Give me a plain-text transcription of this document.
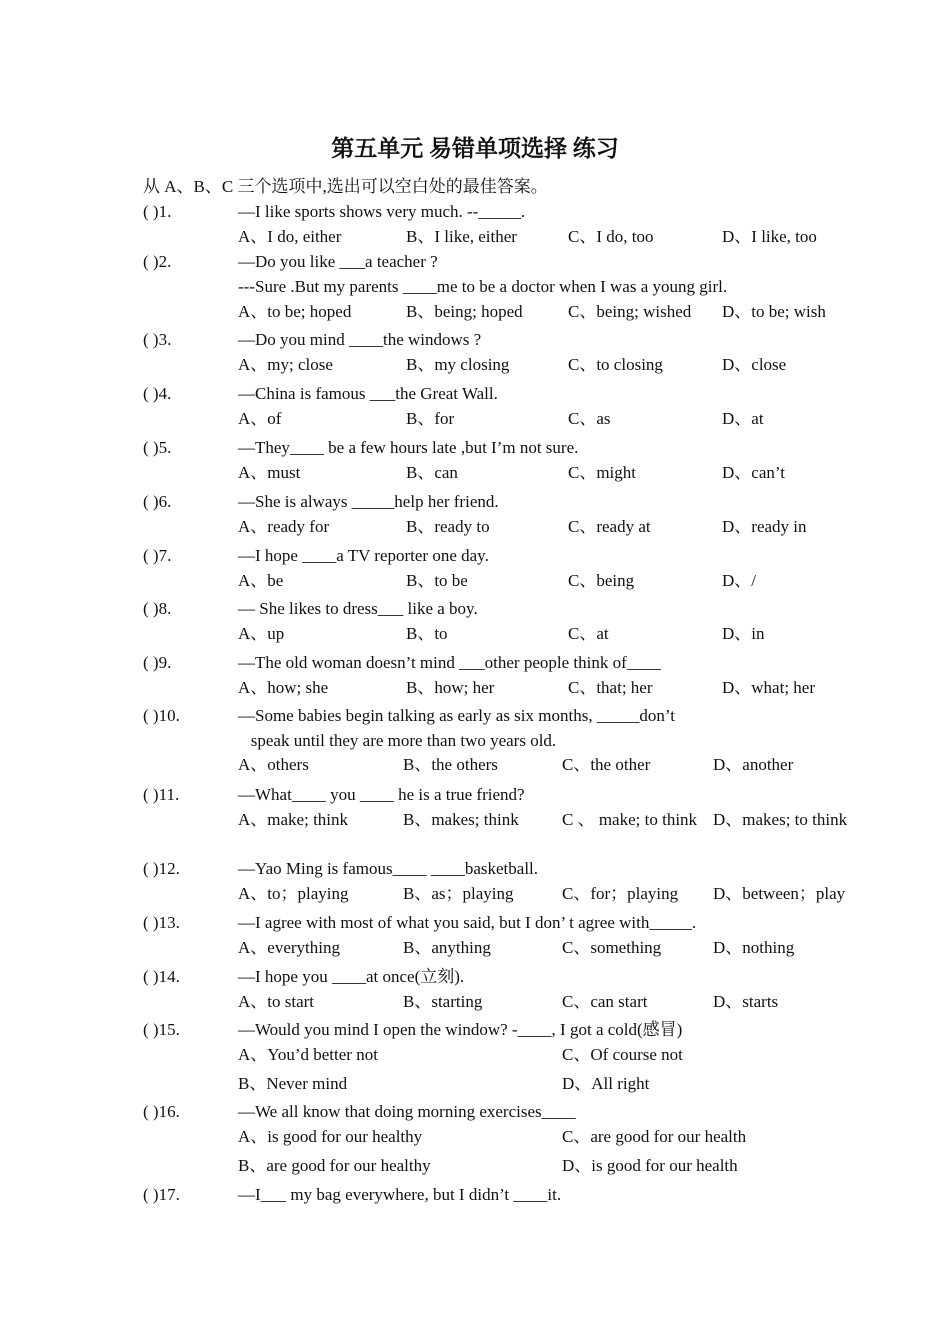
第五单元 易错单项选择 练习
从 A、B、C 三个选项中,选出可以空白处的最佳答案。
( )1.	—I like sports shows very much. --_____.
A、I do, either	B、I like, either	C、I do, too	D、I like, too
( )2.	—Do you like ___a teacher ?
---Sure .But my parents ____me to be a doctor when I was a young girl.
A、to be; hoped	B、being; hoped	C、being; wished D、to be; wish
( )3.	—Do you mind ____the windows ?
A、my; close	B、my closing	C、to closing	D、close
( )4.	—China is famous ___the Great Wall.
A、of	B、for	C、as	D、at
( )5.	—They____ be a few hours late ,but I’m not sure.
A、must	B、can	C、might	D、can’t
( )6.	—She is always _____help her friend.
A、ready for	B、ready to	C、ready at	D、ready in
( )7.	—I hope ____a TV reporter one day.
A、be	B、to be	C、being	D、/
( )8.	— She likes to dress___ like a boy.
A、up	B、to	C、at	D、in
( )9.	—The old woman doesn’t mind ___other people think of____
A、how; she	B、how; her	C、that; her	D、what; her
( )10.	—Some babies begin talking as early as six months, _____don’t
speak until they are more than two years old.
A、others	B、the others	C、the other	D、another
( )11.	—What____ you ____ he is a true friend?
A、make; think	B、makes; think	C 、 make; to think D、makes; to think
( )12.	—Yao Ming is famous____ ____basketball.
A、to；playing	B、as；playing	C、for；playing D、between；play
( )13.	—I agree with most of what you said, but I don’ t agree with_____.
A、everything	B、anything	C、something	D、nothing
( )14.	—I hope you ____at once(立刻).
A、to start	B、starting	C、can start	D、starts
( )15.	—Would you mind I open the window? -____, I got a cold(感冒)
A、You’d better not	C、Of course not
B、Never mind	D、All right
( )16.	—We all know that doing morning exercises____
A、is good for our healthy	C、are good for our health
B、are good for our healthy	D、is good for our health
( )17.	—I___ my bag everywhere, but I didn’t ____it.
